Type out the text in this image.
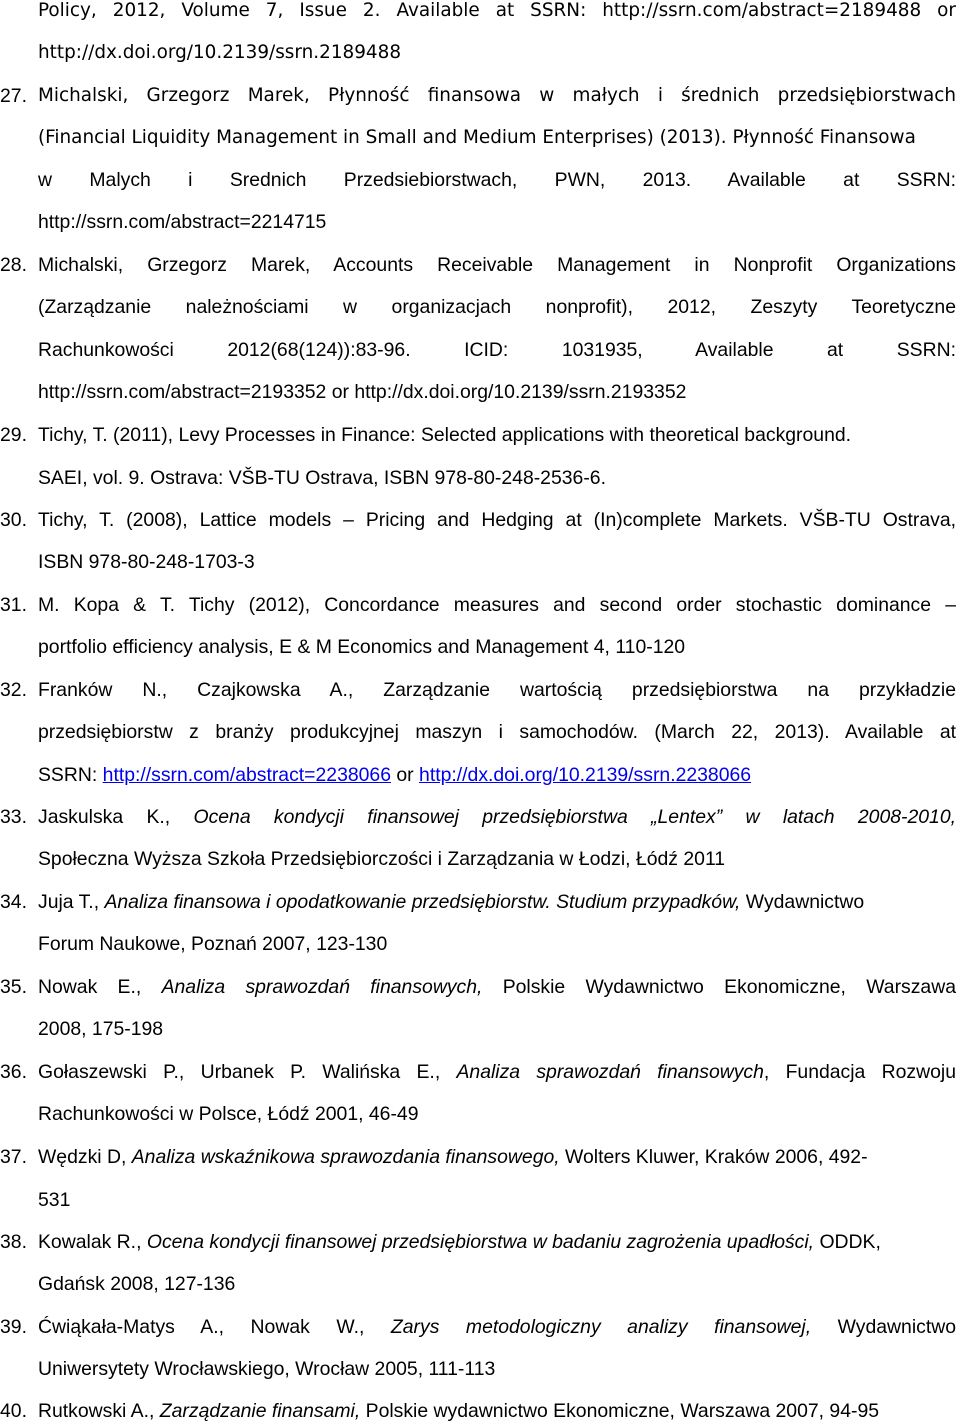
Policy, 2012, Volume 7, Issue 2. Available at SSRN: http://ssrn.com/abstract=2189488 or
http://dx.doi.org/10.2139/ssrn.2189488
27. Michalski, Grzegorz Marek, Płynność finansowa w małych i średnich przedsiębiorstwach
(Financial Liquidity Management in Small and Medium Enterprises) (2013). Płynność Finansowa
w Malych i Srednich Przedsiebiorstwach, PWN, 2013. Available at SSRN:
http://ssrn.com/abstract=2214715
28. Michalski, Grzegorz Marek, Accounts Receivable Management in Nonprofit Organizations
(Zarządzanie należnościami w organizacjach nonprofit), 2012, Zeszyty Teoretyczne
Rachunkowości 2012(68(124)):83-96. ICID: 1031935, Available at SSRN:
http://ssrn.com/abstract=2193352 or http://dx.doi.org/10.2139/ssrn.2193352
29. Tichy, T. (2011), Levy Processes in Finance: Selected applications with theoretical background.
SAEI, vol. 9. Ostrava: VŠB-TU Ostrava, ISBN 978-80-248-2536-6.
30. Tichy, T. (2008), Lattice models – Pricing and Hedging at (In)complete Markets. VŠB-TU Ostrava,
ISBN 978-80-248-1703-3
31. M. Kopa & T. Tichy (2012), Concordance measures and second order stochastic dominance –
portfolio efficiency analysis, E & M Economics and Management 4, 110-120
32. Franków N., Czajkowska A., Zarządzanie wartością przedsiębiorstwa na przykładzie
przedsiębiorstw z branży produkcyjnej maszyn i samochodów. (March 22, 2013). Available at
SSRN: http://ssrn.com/abstract=2238066 or http://dx.doi.org/10.2139/ssrn.2238066
33. Jaskulska K., Ocena kondycji finansowej przedsiębiorstwa „Lentex” w latach 2008-2010,
Społeczna Wyższa Szkoła Przedsiębiorczości i Zarządzania w Łodzi, Łódź 2011
34. Juja T., Analiza finansowa i opodatkowanie przedsiębiorstw. Studium przypadków, Wydawnictwo
Forum Naukowe, Poznań 2007, 123-130
35. Nowak E., Analiza sprawozdań finansowych, Polskie Wydawnictwo Ekonomiczne, Warszawa
2008, 175-198
36. Gołaszewski P., Urbanek P. Walińska E., Analiza sprawozdań finansowych, Fundacja Rozwoju
Rachunkowości w Polsce, Łódź 2001, 46-49
37. Wędzki D, Analiza wskaźnikowa sprawozdania finansowego, Wolters Kluwer, Kraków 2006, 492-
531
38. Kowalak R., Ocena kondycji finansowej przedsiębiorstwa w badaniu zagrożenia upadłości, ODDK,
Gdańsk 2008, 127-136
39. Ćwiąkała-Matys A., Nowak W., Zarys metodologiczny analizy finansowej, Wydawnictwo
Uniwersytety Wrocławskiego, Wrocław 2005, 111-113
40. Rutkowski A., Zarządzanie finansami, Polskie wydawnictwo Ekonomiczne, Warszawa 2007, 94-95
